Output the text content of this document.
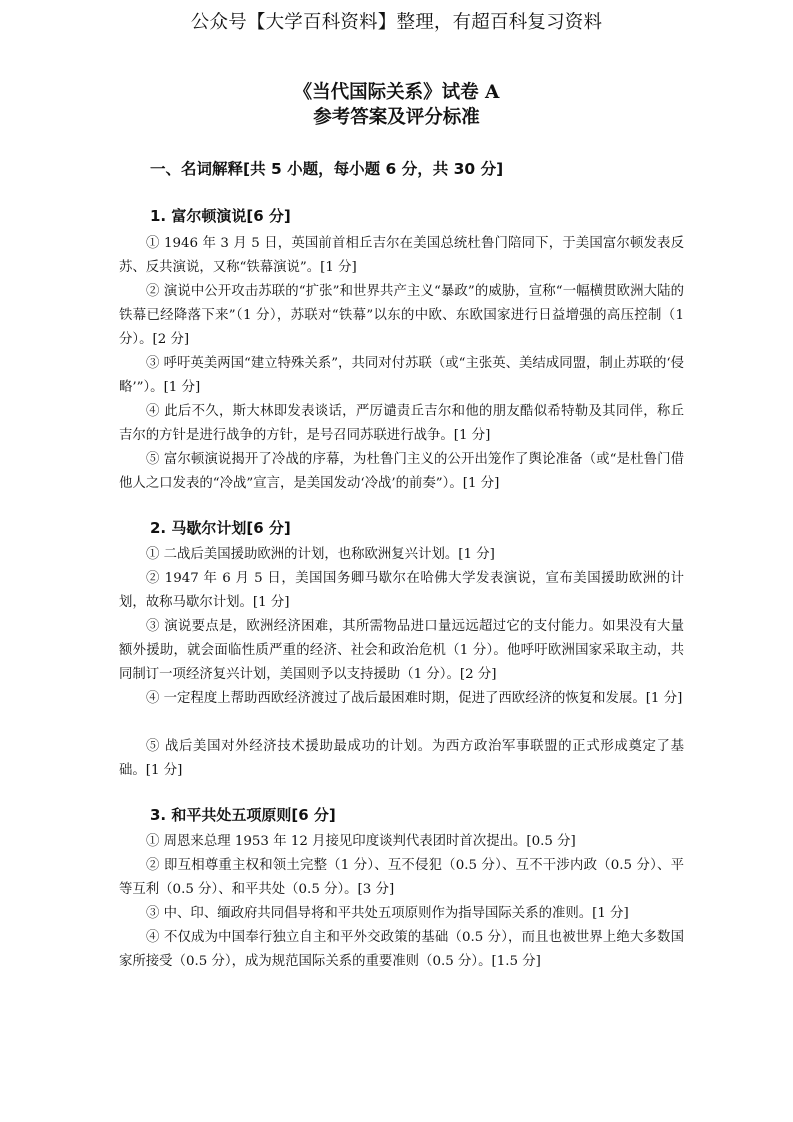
公众号【大学百科资料】整理，有超百科复习资料
《当代国际关系》试卷 A
参考答案及评分标准
一、名词解释[共 5 小题，每小题 6 分，共 30 分]
1. 富尔顿演说[6 分]
① 1946 年 3 月 5 日，英国前首相丘吉尔在美国总统杜鲁门陪同下，于美国富尔顿发表反苏、反共演说，又称“铁幕演说”。[1 分]
② 演说中公开攻击苏联的“扩张”和世界共产主义“暴政”的威胁，宣称“一幅横贯欧洲大陆的铁幕已经降落下来”（1 分），苏联对“铁幕”以东的中欧、东欧国家进行日益增强的高压控制（1 分）。[2 分]
③ 呼吁英美两国“建立特殊关系”，共同对付苏联（或“主张英、美结成同盟，制止苏联的‘侵略’”）。[1 分]
④ 此后不久，斯大林即发表谈话，严厉谴责丘吉尔和他的朋友酷似希特勒及其同伴，称丘吉尔的方针是进行战争的方针，是号召同苏联进行战争。[1 分]
⑤ 富尔顿演说揭开了冷战的序幕，为杜鲁门主义的公开出笼作了舆论准备（或“是杜鲁门借他人之口发表的“冷战”宣言，是美国发动‘冷战’的前奏”）。[1 分]
2. 马歇尔计划[6 分]
① 二战后美国援助欧洲的计划，也称欧洲复兴计划。[1 分]
② 1947 年 6 月 5 日，美国国务卿马歇尔在哈佛大学发表演说，宣布美国援助欧洲的计划，故称马歇尔计划。[1 分]
③ 演说要点是，欧洲经济困难，其所需物品进口量远远超过它的支付能力。如果没有大量额外援助，就会面临性质严重的经济、社会和政治危机（1 分）。他呼吁欧洲国家采取主动，共同制订一项经济复兴计划，美国则予以支持援助（1 分）。[2 分]
④ 一定程度上帮助西欧经济渡过了战后最困难时期，促进了西欧经济的恢复和发展。[1 分]
⑤ 战后美国对外经济技术援助最成功的计划。为西方政治军事联盟的正式形成奠定了基础。[1 分]
3. 和平共处五项原则[6 分]
① 周恩来总理 1953 年 12 月接见印度谈判代表团时首次提出。[0.5 分]
② 即互相尊重主权和领土完整（1 分）、互不侵犯（0.5 分）、互不干涉内政（0.5 分）、平等互利（0.5 分）、和平共处（0.5 分）。[3 分]
③ 中、印、缅政府共同倡导将和平共处五项原则作为指导国际关系的准则。[1 分]
④ 不仅成为中国奉行独立自主和平外交政策的基础（0.5 分），而且也被世界上绝大多数国家所接受（0.5 分），成为规范国际关系的重要准则（0.5 分）。[1.5 分]
